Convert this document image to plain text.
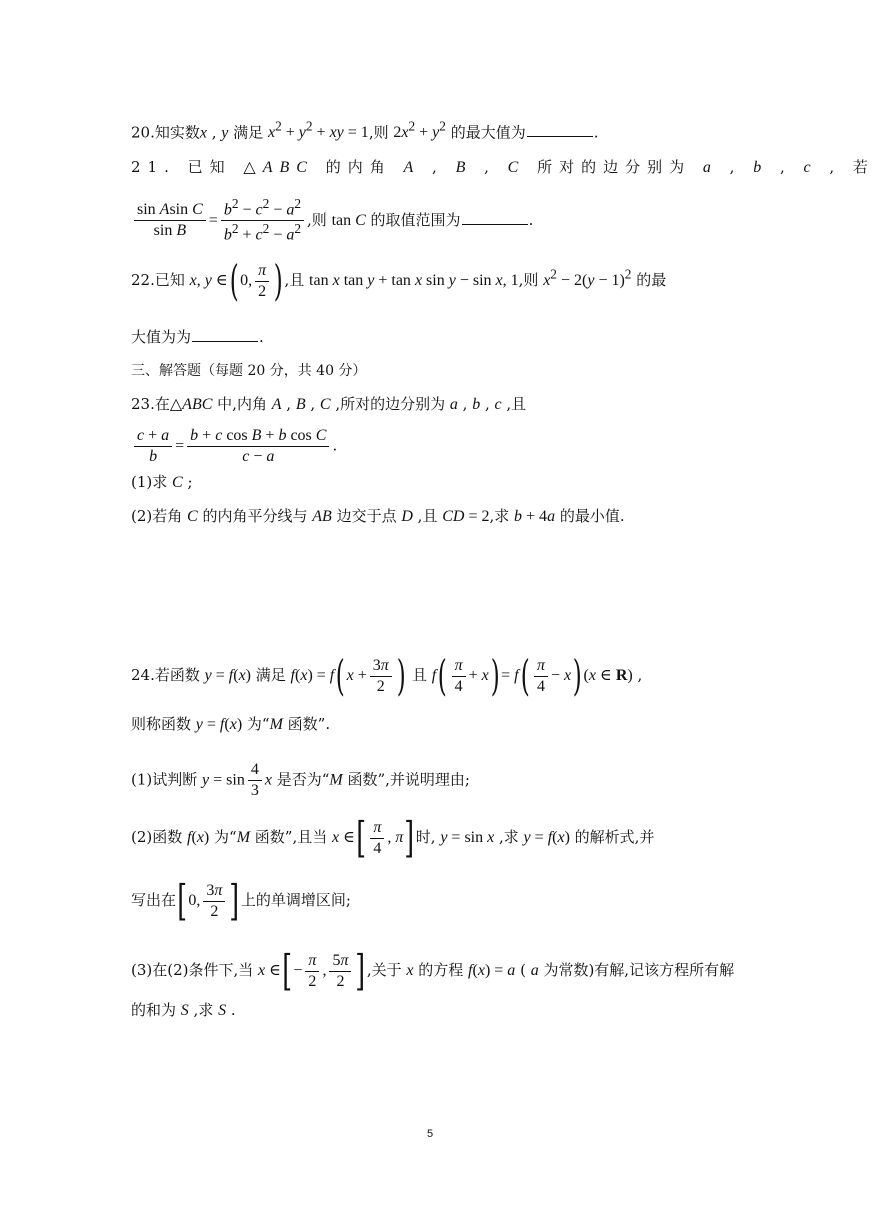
20.知实数x , y 满足 $x^2 + y^2$ + xy = 1,则 $2x^2 + y^2$ 的最大值为	.
21. 已知 △ABC 的内角 A , B , C 所对的边分别为 a , b , c , 若
$\frac{\text{sin Asin C}}{\text{sin B}} = \frac{b^2 - c^2 - a^2}{b^2 + c^2 - a^2}$ ,则 tan C 的取值范围为	.
22.已知 x, y ∈( 0, $\frac{\pi}{2}$ ) ,且 tan x tan y + tan x sin y − sin x, 1,则 $x^2 - 2(y - 1)^2$ 的最
大值为为	.
三、解答题（每题 20 分，共 40 分）
23.在△ABC 中,内角 A , B , C ,所对的边分别为 a , b , c ,且
$\frac{c + a}{b} = \frac{\text{b + c cos B + b cos C}}{c - a}$ .
(1)求 C ;
(2)若角 C 的内角平分线与 AB 边交于点 D ,且 CD = 2,求 b + 4a 的最小值.
24.若函数 y = f(x) 满足 f(x) = f( $x + \frac{3\pi}{2}$ ) 且 $f( \frac{\pi}{4} + x) = f( \frac{\pi}{4} - x)$ (x ∈ R) ,
则称函数 y = f(x) 为“M 函数”.
(1)试判断 $y = \sin \frac{4}{3}$ x 是否为“M 函数”,并说明理由;
(2)函数 f(x) 为“M 函数”,且当 x ∈[ $\frac{\pi}{4}$ , π]时, y = sin x ,求 y = f(x) 的解析式,并
写出在[0, $\frac{3\pi}{2}$ ]上的单调增区间;
(3)在(2)条件下,当 x ∈[− $\frac{\pi}{2}$ , $\frac{5\pi}{2}$ ],关于 x 的方程 f(x) = a ( a 为常数)有解,记该方程所有解
的和为 S ,求 S .
5
